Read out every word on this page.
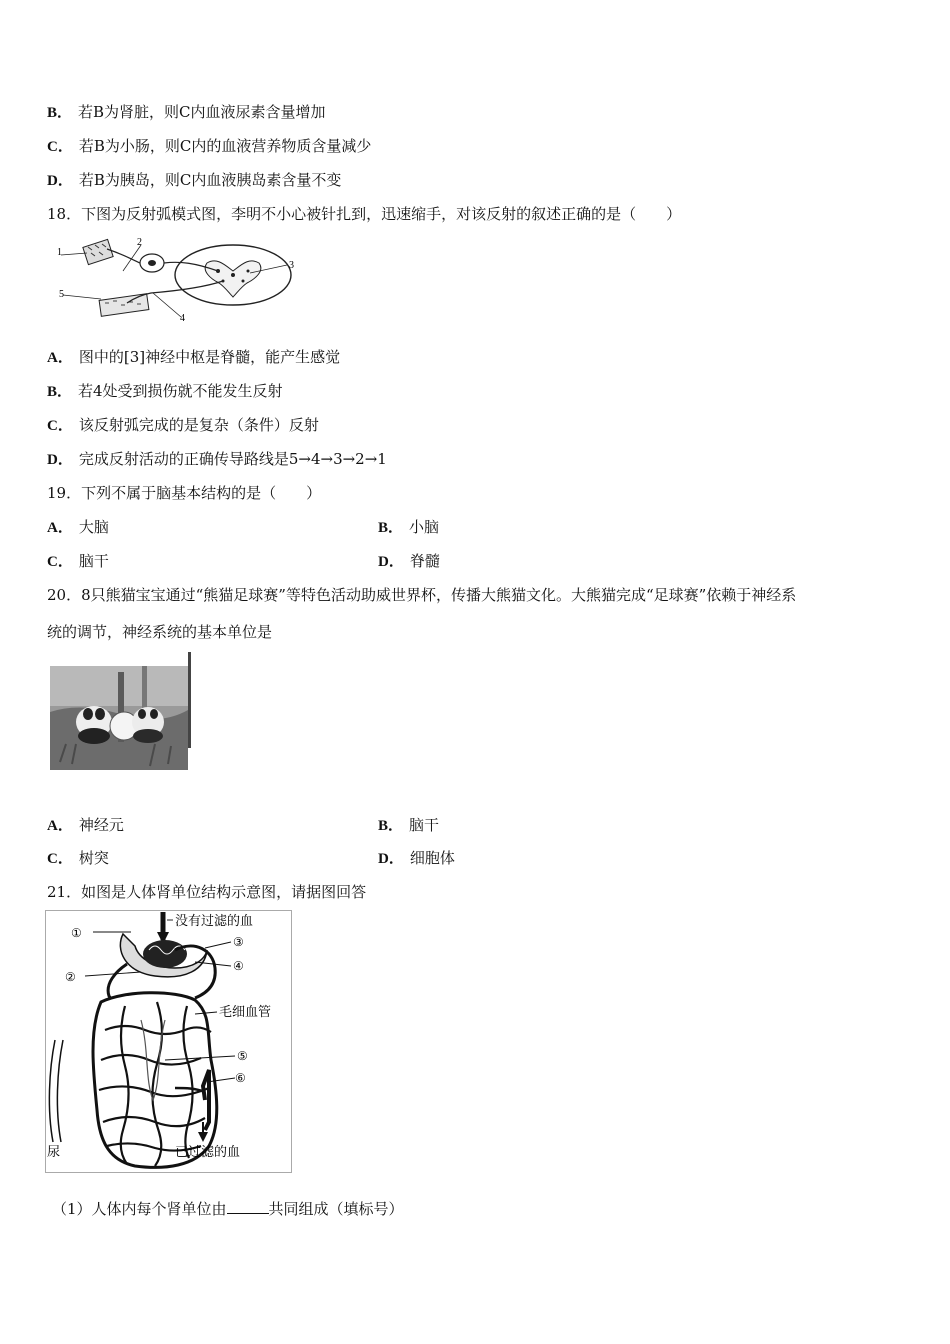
B． 若B为肾脏，则C内血液尿素含量增加
C． 若B为小肠，则C内的血液营养物质含量减少
D． 若B为胰岛，则C内血液胰岛素含量不变
18．下图为反射弧模式图，李明不小心被针扎到，迅速缩手，对该反射的叙述正确的是（　　）
1
2
3
4
5
A． 图中的[3]神经中枢是脊髓，能产生感觉
B． 若4处受到损伤就不能发生反射
C． 该反射弧完成的是复杂（条件）反射
D． 完成反射活动的正确传导路线是5→4→3→2→1
19．下列不属于脑基本结构的是（　　）
A． 大脑	B． 小脑
C． 脑干	D． 脊髓
20．8只熊猫宝宝通过“熊猫足球赛”等特色活动助威世界杯，传播大熊猫文化。大熊猫完成“足球赛”依赖于神经系
统的调节，神经系统的基本单位是
A． 神经元	B． 脑干
C． 树突	D． 细胞体
21．如图是人体肾单位结构示意图，请据图回答
①
②
③
④
⑤
⑥
没有过滤的血
毛细血管
已过滤的血
尿
（1）人体内每个肾单位由	共同组成（填标号）
